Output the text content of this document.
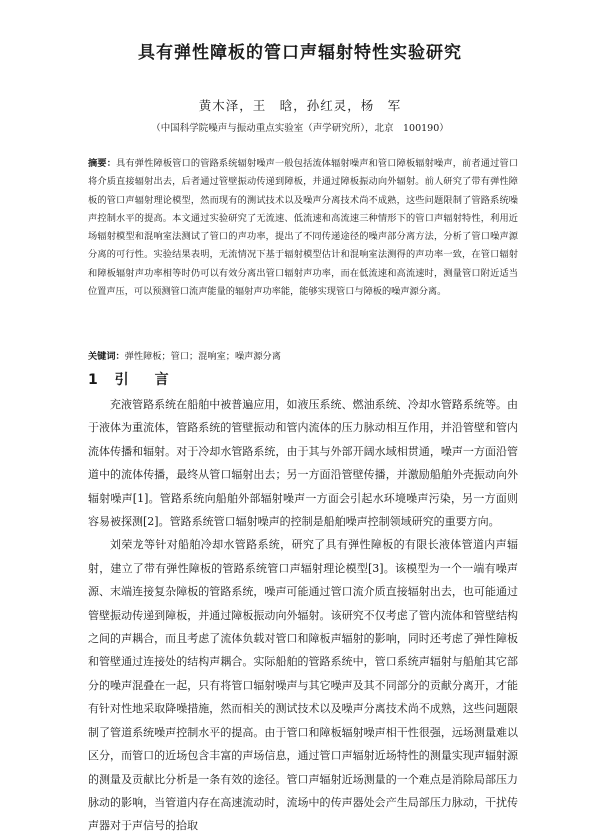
具有弹性障板的管口声辐射特性实验研究
黄木泽，王　晗，孙红灵，杨　军
（中国科学院噪声与振动重点实验室（声学研究所），北京　100190）
摘要：具有弹性障板管口的管路系统辐射噪声一般包括流体辐射噪声和管口障板辐射噪声，前者通过管口将介质直接辐射出去，后者通过管壁振动传递到障板，并通过障板振动向外辐射。前人研究了带有弹性障板的管口声辐射理论模型，然而现有的测试技术以及噪声分离技术尚不成熟，这些问题限制了管路系统噪声控制水平的提高。本文通过实验研究了无流速、低流速和高流速三种情形下的管口声辐射特性，利用近场辐射模型和混响室法测试了管口的声功率，提出了不同传递途径的噪声部分离方法，分析了管口噪声源分离的可行性。实验结果表明，无流情况下基于辐射模型估计和混响室法测得的声功率一致，在管口辐射和障板辐射声功率相等时仍可以有效分离出管口辐射声功率，而在低流速和高流速时，测量管口附近适当位置声压，可以预测管口流声能量的辐射声功率能，能够实现管口与障板的噪声源分离。
关键词：弹性障板；管口；混响室；噪声源分离
1 引　言

充液管路系统在船舶中被普遍应用，如液压系统、燃油系统、冷却水管路系统等。由于液体为重流体，管路系统的管壁振动和管内流体的压力脉动相互作用，并沿管壁和管内流体传播和辐射。对于冷却水管路系统，由于其与外部开阔水域相贯通，噪声一方面沿管道中的流体传播，最终从管口辐射出去；另一方面沿管壁传播，并激励船舶外壳振动向外辐射噪声[1]。管路系统向船舶外部辐射噪声一方面会引起水环境噪声污染，另一方面则容易被探测[2]。管路系统管口辐射噪声的控制是船舶噪声控制领域研究的重要方向。

刘荣龙等针对船舶冷却水管路系统，研究了具有弹性障板的有限长液体管道内声辐射，建立了带有弹性障板的管路系统管口声辐射理论模型[3]。该模型为一个一端有噪声源、末端连接复杂障板的管路系统，噪声可能通过管口流介质直接辐射出去，也可能通过管壁振动传递到障板，并通过障板振动向外辐射。该研究不仅考虑了管内流体和管壁结构之间的声耦合，而且考虑了流体负载对管口和障板声辐射的影响，同时还考虑了弹性障板和管壁通过连接处的结构声耦合。实际船舶的管路系统中，管口系统声辐射与船舶其它部分的噪声混叠在一起，只有将管口辐射噪声与其它噪声及其不同部分的贡献分离开，才能有针对性地采取降噪措施，然而相关的测试技术以及噪声分离技术尚不成熟，这些问题限制了管道系统噪声控制水平的提高。由于管口和障板辐射噪声相干性很强，远场测量难以区分，而管口的近场包含丰富的声场信息，通过管口声辐射近场特性的测量实现声辐射源的测量及贡献比分析是一条有效的途径。管口声辐射近场测量的一个难点是消除局部压力脉动的影响，当管道内存在高速流动时，流场中的传声器处会产生局部压力脉动，干扰传声器对于声信号的拾取
